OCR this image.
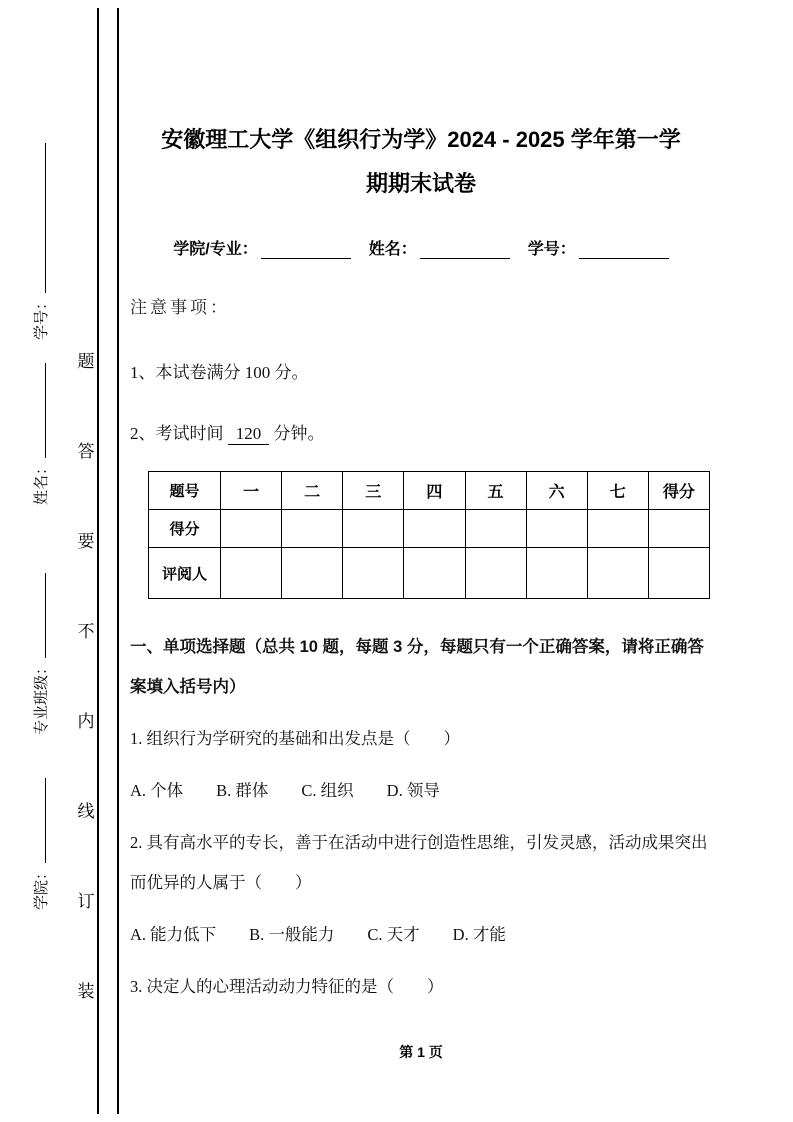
题
答
要
不
内
线
订
装
学号：
姓名：
专业班级：
学院：
安徽理工大学《组织行为学》2024 - 2025 学年第一学
期期末试卷
学院/专业：	姓名：	学号：
注意事项：
1、本试卷满分 100 分。
2、考试时间 120 分钟。
题号	一	二	三	四	五	六	七	得分
得分								
评阅人								
一、单项选择题（总共 10 题，每题 3 分，每题只有一个正确答案，请将正确答案填入括号内）
1. 组织行为学研究的基础和出发点是（　　）
A. 个体　　B. 群体　　C. 组织　　D. 领导
2. 具有高水平的专长，善于在活动中进行创造性思维，引发灵感，活动成果突出而优异的人属于（　　）
A. 能力低下　　B. 一般能力　　C. 天才　　D. 才能
3. 决定人的心理活动动力特征的是（　　）
第 1 页
